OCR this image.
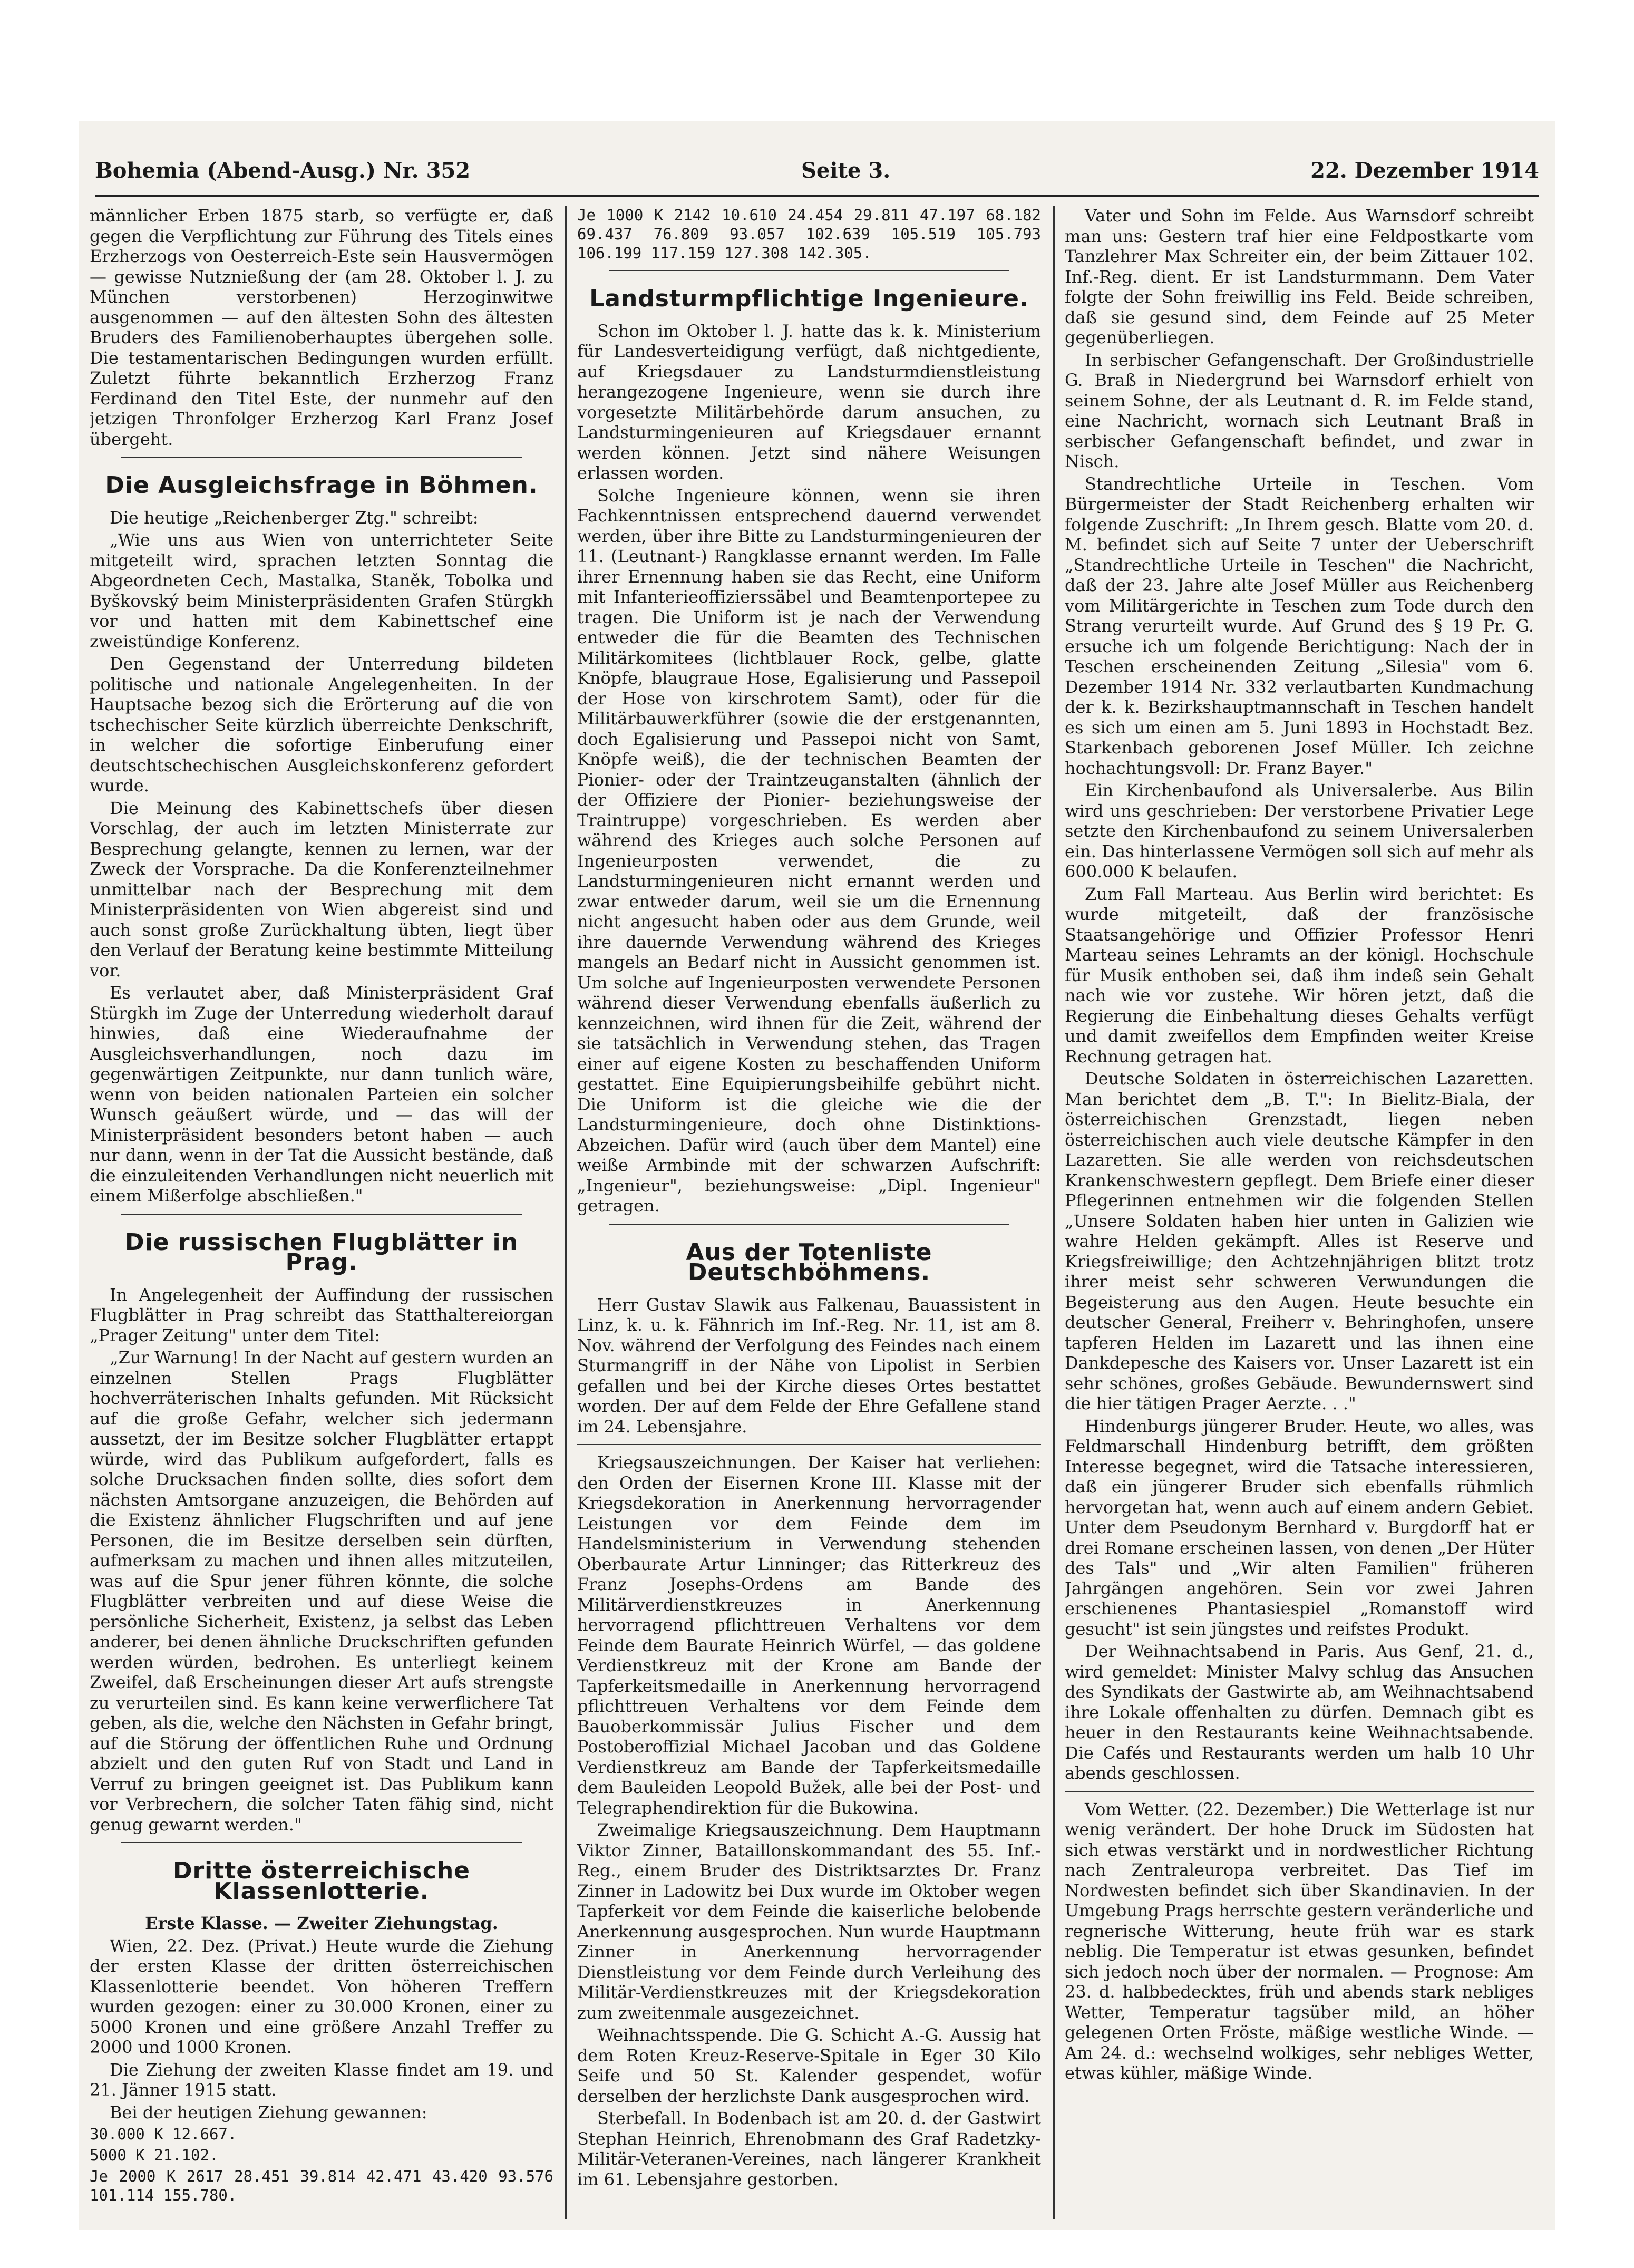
Bohemia (Abend-Ausg.) Nr. 352	Seite 3.	22. Dezember 1914

männlicher Erben 1875 starb, so verfügte er, daß gegen die Verpflichtung zur Führung des Titels eines Erzherzogs von Oesterreich-Este sein Hausvermögen — gewisse Nutznießung der (am 28. Oktober l. J. zu München verstorbenen) Herzoginwitwe ausgenommen — auf den ältesten Sohn des ältesten Bruders des Familienoberhauptes übergehen solle. Die testamentarischen Bedingungen wurden erfüllt. Zuletzt führte bekanntlich Erzherzog Franz Ferdinand den Titel Este, der nunmehr auf den jetzigen Thronfolger Erzherzog Karl Franz Josef übergeht.

Die Ausgleichsfrage in Böhmen.

Die heutige „Reichenberger Ztg." schreibt:

„Wie uns aus Wien von unterrichteter Seite mitgeteilt wird, sprachen letzten Sonntag die Abgeordneten Cech, Mastalka, Staněk, Tobolka und Byškovský beim Ministerpräsidenten Grafen Stürgkh vor und hatten mit dem Kabinettschef eine zweistündige Konferenz.

Den Gegenstand der Unterredung bildeten politische und nationale Angelegenheiten. In der Hauptsache bezog sich die Erörterung auf die von tschechischer Seite kürzlich überreichte Denkschrift, in welcher die sofortige Einberufung einer deutschtschechischen Ausgleichskonferenz gefordert wurde.

Die Meinung des Kabinettschefs über diesen Vorschlag, der auch im letzten Ministerrate zur Besprechung gelangte, kennen zu lernen, war der Zweck der Vorsprache. Da die Konferenzteilnehmer unmittelbar nach der Besprechung mit dem Ministerpräsidenten von Wien abgereist sind und auch sonst große Zurückhaltung übten, liegt über den Verlauf der Beratung keine bestimmte Mitteilung vor.

Es verlautet aber, daß Ministerpräsident Graf Stürgkh im Zuge der Unterredung wiederholt darauf hinwies, daß eine Wiederaufnahme der Ausgleichsverhandlungen, noch dazu im gegenwärtigen Zeitpunkte, nur dann tunlich wäre, wenn von beiden nationalen Parteien ein solcher Wunsch geäußert würde, und — das will der Ministerpräsident besonders betont haben — auch nur dann, wenn in der Tat die Aussicht bestände, daß die einzuleitenden Verhandlungen nicht neuerlich mit einem Mißerfolge abschließen."

Die russischen Flugblätter in Prag.

In Angelegenheit der Auffindung der russischen Flugblätter in Prag schreibt das Statthaltereiorgan „Prager Zeitung" unter dem Titel:

„Zur Warnung! In der Nacht auf gestern wurden an einzelnen Stellen Prags Flugblätter hochverräterischen Inhalts gefunden. Mit Rücksicht auf die große Gefahr, welcher sich jedermann aussetzt, der im Besitze solcher Flugblätter ertappt würde, wird das Publikum aufgefordert, falls es solche Drucksachen finden sollte, dies sofort dem nächsten Amtsorgane anzuzeigen, die Behörden auf die Existenz ähnlicher Flugschriften und auf jene Personen, die im Besitze derselben sein dürften, aufmerksam zu machen und ihnen alles mitzuteilen, was auf die Spur jener führen könnte, die solche Flugblätter verbreiten und auf diese Weise die persönliche Sicherheit, Existenz, ja selbst das Leben anderer, bei denen ähnliche Druckschriften gefunden werden würden, bedrohen. Es unterliegt keinem Zweifel, daß Erscheinungen dieser Art aufs strengste zu verurteilen sind. Es kann keine verwerflichere Tat geben, als die, welche den Nächsten in Gefahr bringt, auf die Störung der öffentlichen Ruhe und Ordnung abzielt und den guten Ruf von Stadt und Land in Verruf zu bringen geeignet ist. Das Publikum kann vor Verbrechern, die solcher Taten fähig sind, nicht genug gewarnt werden."

Dritte österreichische Klassenlotterie.

Erste Klasse. — Zweiter Ziehungstag.

Wien, 22. Dez. (Privat.) Heute wurde die Ziehung der ersten Klasse der dritten österreichischen Klassenlotterie beendet. Von höheren Treffern wurden gezogen: einer zu 30.000 Kronen, einer zu 5000 Kronen und eine größere Anzahl Treffer zu 2000 und 1000 Kronen.

Die Ziehung der zweiten Klasse findet am 19. und 21. Jänner 1915 statt.

Bei der heutigen Ziehung gewannen:

30.000 K 12.667.

5000 K 21.102.

Je 2000 K 2617 28.451 39.814 42.471 43.420 93.576 101.114 155.780.

Je 1000 K 2142 10.610 24.454 29.811 47.197 68.182 69.437 76.809 93.057 102.639 105.519 105.793 106.199 117.159 127.308 142.305.

Landsturmpflichtige Ingenieure.

Schon im Oktober l. J. hatte das k. k. Ministerium für Landesverteidigung verfügt, daß nichtgediente, auf Kriegsdauer zu Landsturmdienstleistung herangezogene Ingenieure, wenn sie durch ihre vorgesetzte Militärbehörde darum ansuchen, zu Landsturmingenieuren auf Kriegsdauer ernannt werden können. Jetzt sind nähere Weisungen erlassen worden.

Solche Ingenieure können, wenn sie ihren Fachkenntnissen entsprechend dauernd verwendet werden, über ihre Bitte zu Landsturmingenieuren der 11. (Leutnant-) Rangklasse ernannt werden. Im Falle ihrer Ernennung haben sie das Recht, eine Uniform mit Infanterieoffizierssäbel und Beamtenportepee zu tragen. Die Uniform ist je nach der Verwendung entweder die für die Beamten des Technischen Militärkomitees (lichtblauer Rock, gelbe, glatte Knöpfe, blaugraue Hose, Egalisierung und Passepoil der Hose von kirschrotem Samt), oder für die Militärbauwerkführer (sowie die der erstgenannten, doch Egalisierung und Passepoi nicht von Samt, Knöpfe weiß), die der technischen Beamten der Pionier- oder der Traintzeuganstalten (ähnlich der der Offiziere der Pionier- beziehungsweise der Traintruppe) vorgeschrieben. Es werden aber während des Krieges auch solche Personen auf Ingenieurposten verwendet, die zu Landsturmingenieuren nicht ernannt werden und zwar entweder darum, weil sie um die Ernennung nicht angesucht haben oder aus dem Grunde, weil ihre dauernde Verwendung während des Krieges mangels an Bedarf nicht in Aussicht genommen ist. Um solche auf Ingenieurposten verwendete Personen während dieser Verwendung ebenfalls äußerlich zu kennzeichnen, wird ihnen für die Zeit, während der sie tatsächlich in Verwendung stehen, das Tragen einer auf eigene Kosten zu beschaffenden Uniform gestattet. Eine Equipierungsbeihilfe gebührt nicht. Die Uniform ist die gleiche wie die der Landsturmingenieure, doch ohne Distinktions-Abzeichen. Dafür wird (auch über dem Mantel) eine weiße Armbinde mit der schwarzen Aufschrift: „Ingenieur", beziehungsweise: „Dipl. Ingenieur" getragen.

Aus der Totenliste Deutschböhmens.

Herr Gustav Slawik aus Falkenau, Bauassistent in Linz, k. u. k. Fähnrich im Inf.-Reg. Nr. 11, ist am 8. Nov. während der Verfolgung des Feindes nach einem Sturmangriff in der Nähe von Lipolist in Serbien gefallen und bei der Kirche dieses Ortes bestattet worden. Der auf dem Felde der Ehre Gefallene stand im 24. Lebensjahre.

Kriegsauszeichnungen. Der Kaiser hat verliehen: den Orden der Eisernen Krone III. Klasse mit der Kriegsdekoration in Anerkennung hervorragender Leistungen vor dem Feinde dem im Handelsministerium in Verwendung stehenden Oberbaurate Artur Linninger; das Ritterkreuz des Franz Josephs-Ordens am Bande des Militärverdienstkreuzes in Anerkennung hervorragend pflichttreuen Verhaltens vor dem Feinde dem Baurate Heinrich Würfel, — das goldene Verdienstkreuz mit der Krone am Bande der Tapferkeitsmedaille in Anerkennung hervorragend pflichttreuen Verhaltens vor dem Feinde dem Bauoberkommissär Julius Fischer und dem Postoberoffizial Michael Jacoban und das Goldene Verdienstkreuz am Bande der Tapferkeitsmedaille dem Bauleiden Leopold Bužek, alle bei der Post- und Telegraphendirektion für die Bukowina.

Zweimalige Kriegsauszeichnung. Dem Hauptmann Viktor Zinner, Bataillonskommandant des 55. Inf.-Reg., einem Bruder des Distriktsarztes Dr. Franz Zinner in Ladowitz bei Dux wurde im Oktober wegen Tapferkeit vor dem Feinde die kaiserliche belobende Anerkennung ausgesprochen. Nun wurde Hauptmann Zinner in Anerkennung hervorragender Dienstleistung vor dem Feinde durch Verleihung des Militär-Verdienstkreuzes mit der Kriegsdekoration zum zweitenmale ausgezeichnet.

Weihnachtsspende. Die G. Schicht A.-G. Aussig hat dem Roten Kreuz-Reserve-Spitale in Eger 30 Kilo Seife und 50 St. Kalender gespendet, wofür derselben der herzlichste Dank ausgesprochen wird.

Sterbefall. In Bodenbach ist am 20. d. der Gastwirt Stephan Heinrich, Ehrenobmann des Graf Radetzky-Militär-Veteranen-Vereines, nach längerer Krankheit im 61. Lebensjahre gestorben.

Vater und Sohn im Felde. Aus Warnsdorf schreibt man uns: Gestern traf hier eine Feldpostkarte vom Tanzlehrer Max Schreiter ein, der beim Zittauer 102. Inf.-Reg. dient. Er ist Landsturmmann. Dem Vater folgte der Sohn freiwillig ins Feld. Beide schreiben, daß sie gesund sind, dem Feinde auf 25 Meter gegenüberliegen.

In serbischer Gefangenschaft. Der Großindustrielle G. Braß in Niedergrund bei Warnsdorf erhielt von seinem Sohne, der als Leutnant d. R. im Felde stand, eine Nachricht, wornach sich Leutnant Braß in serbischer Gefangenschaft befindet, und zwar in Nisch.

Standrechtliche Urteile in Teschen. Vom Bürgermeister der Stadt Reichenberg erhalten wir folgende Zuschrift: „In Ihrem gesch. Blatte vom 20. d. M. befindet sich auf Seite 7 unter der Ueberschrift „Standrechtliche Urteile in Teschen" die Nachricht, daß der 23. Jahre alte Josef Müller aus Reichenberg vom Militärgerichte in Teschen zum Tode durch den Strang verurteilt wurde. Auf Grund des § 19 Pr. G. ersuche ich um folgende Berichtigung: Nach der in Teschen erscheinenden Zeitung „Silesia" vom 6. Dezember 1914 Nr. 332 verlautbarten Kundmachung der k. k. Bezirkshauptmannschaft in Teschen handelt es sich um einen am 5. Juni 1893 in Hochstadt Bez. Starkenbach geborenen Josef Müller. Ich zeichne hochachtungsvoll: Dr. Franz Bayer."

Ein Kirchenbaufond als Universalerbe. Aus Bilin wird uns geschrieben: Der verstorbene Privatier Lege setzte den Kirchenbaufond zu seinem Universalerben ein. Das hinterlassene Vermögen soll sich auf mehr als 600.000 K belaufen.

Zum Fall Marteau. Aus Berlin wird berichtet: Es wurde mitgeteilt, daß der französische Staatsangehörige und Offizier Professor Henri Marteau seines Lehramts an der königl. Hochschule für Musik enthoben sei, daß ihm indeß sein Gehalt nach wie vor zustehe. Wir hören jetzt, daß die Regierung die Einbehaltung dieses Gehalts verfügt und damit zweifellos dem Empfinden weiter Kreise Rechnung getragen hat.

Deutsche Soldaten in österreichischen Lazaretten. Man berichtet dem „B. T.": In Bielitz-Biala, der österreichischen Grenzstadt, liegen neben österreichischen auch viele deutsche Kämpfer in den Lazaretten. Sie alle werden von reichsdeutschen Krankenschwestern gepflegt. Dem Briefe einer dieser Pflegerinnen entnehmen wir die folgenden Stellen „Unsere Soldaten haben hier unten in Galizien wie wahre Helden gekämpft. Alles ist Reserve und Kriegsfreiwillige; den Achtzehnjährigen blitzt trotz ihrer meist sehr schweren Verwundungen die Begeisterung aus den Augen. Heute besuchte ein deutscher General, Freiherr v. Behringhofen, unsere tapferen Helden im Lazarett und las ihnen eine Dankdepesche des Kaisers vor. Unser Lazarett ist ein sehr schönes, großes Gebäude. Bewundernswert sind die hier tätigen Prager Aerzte. . ."

Hindenburgs jüngerer Bruder. Heute, wo alles, was Feldmarschall Hindenburg betrifft, dem größten Interesse begegnet, wird die Tatsache interessieren, daß ein jüngerer Bruder sich ebenfalls rühmlich hervorgetan hat, wenn auch auf einem andern Gebiet. Unter dem Pseudonym Bernhard v. Burgdorff hat er drei Romane erscheinen lassen, von denen „Der Hüter des Tals" und „Wir alten Familien" früheren Jahrgängen angehören. Sein vor zwei Jahren erschienenes Phantasiespiel „Romanstoff wird gesucht" ist sein jüngstes und reifstes Produkt.

Der Weihnachtsabend in Paris. Aus Genf, 21. d., wird gemeldet: Minister Malvy schlug das Ansuchen des Syndikats der Gastwirte ab, am Weihnachtsabend ihre Lokale offenhalten zu dürfen. Demnach gibt es heuer in den Restaurants keine Weihnachtsabende. Die Cafés und Restaurants werden um halb 10 Uhr abends geschlossen.

Vom Wetter. (22. Dezember.) Die Wetterlage ist nur wenig verändert. Der hohe Druck im Südosten hat sich etwas verstärkt und in nordwestlicher Richtung nach Zentraleuropa verbreitet. Das Tief im Nordwesten befindet sich über Skandinavien. In der Umgebung Prags herrschte gestern veränderliche und regnerische Witterung, heute früh war es stark neblig. Die Temperatur ist etwas gesunken, befindet sich jedoch noch über der normalen. — Prognose: Am 23. d. halbbedecktes, früh und abends stark nebliges Wetter, Temperatur tagsüber mild, an höher gelegenen Orten Fröste, mäßige westliche Winde. — Am 24. d.: wechselnd wolkiges, sehr nebliges Wetter, etwas kühler, mäßige Winde.
